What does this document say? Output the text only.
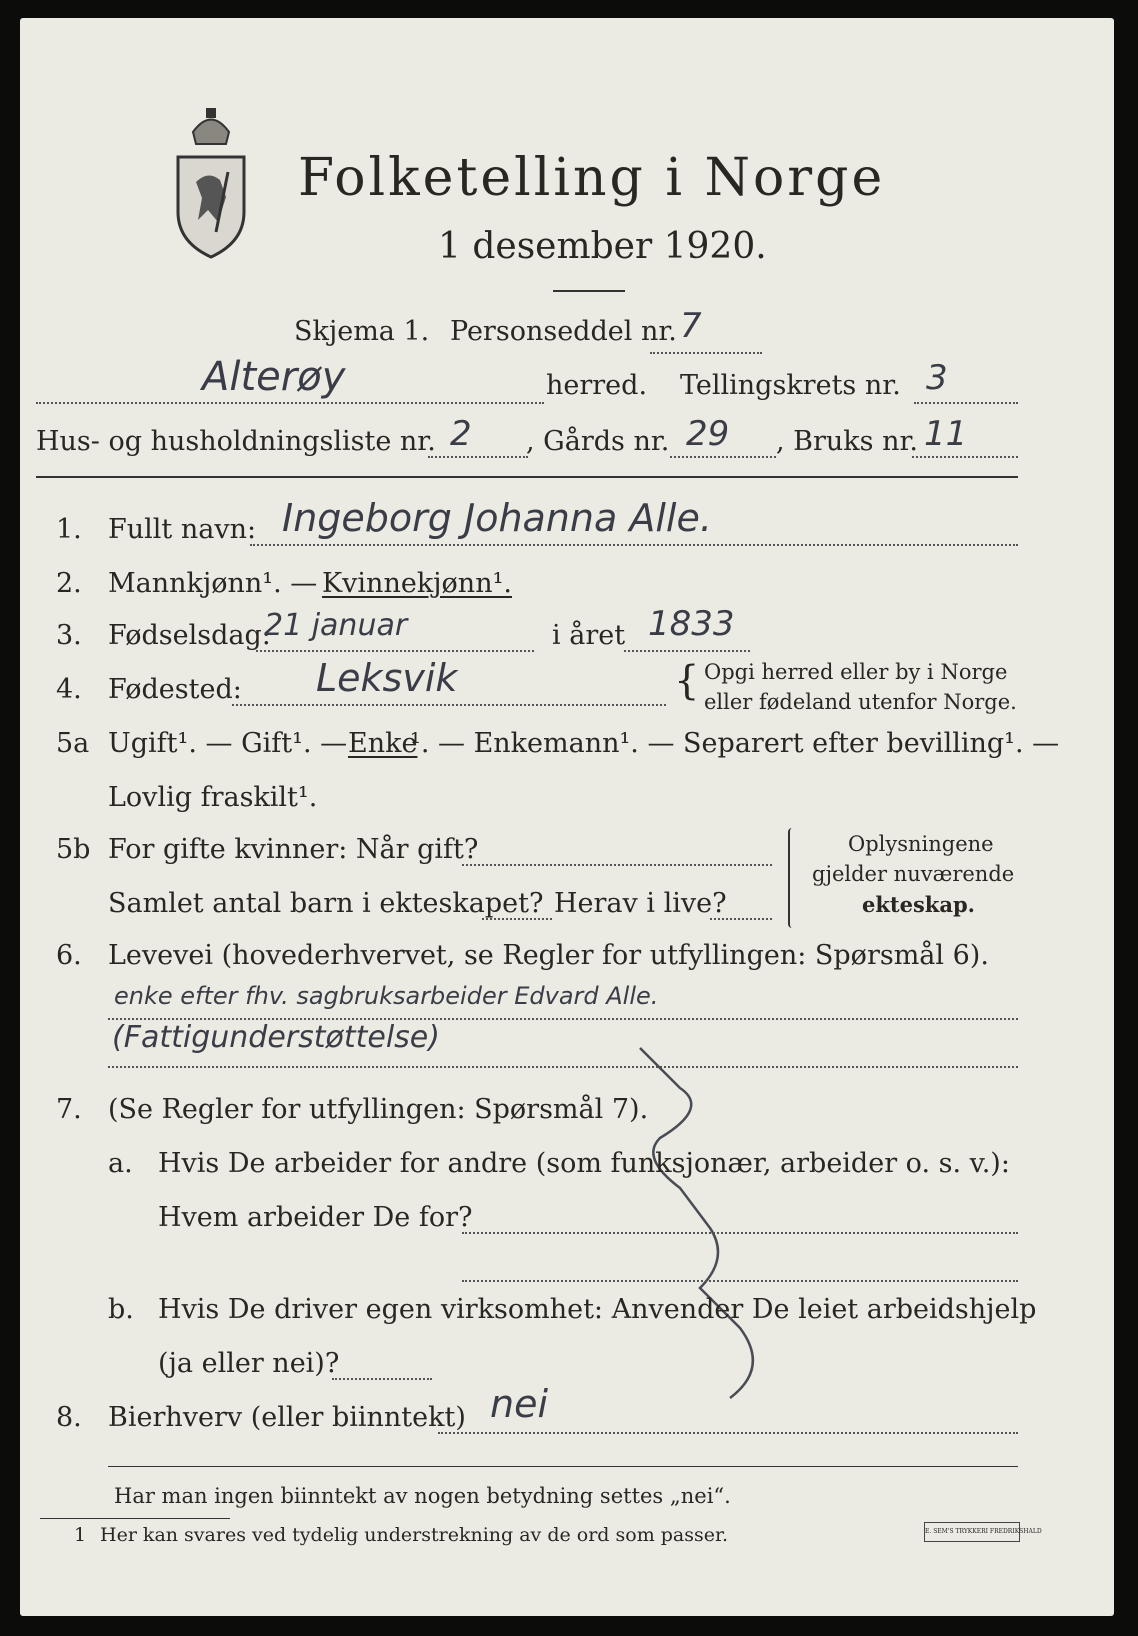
Folketelling i Norge
1 desember 1920.
Skjema 1. Personseddel nr. 7
Alterøy	herred. Tellingskrets nr. 3
Hus- og husholdningsliste nr. 2 , Gårds nr. 29 , Bruks nr. 11
1. Fullt navn: Ingeborg Johanna Alle.
2. Mannkjønn¹. — Kvinnekjønn¹.
3. Fødselsdag:
21 januar	i året 1833
4. Fødested: Leksvik	{ Opgi herred eller by i Norge
eller fødeland utenfor Norge.
5a Ugift¹. — Gift¹. — Enke
¹. — Enkemann¹. — Separert efter bevilling¹. —
Lovlig fraskilt¹.
5b For gifte kvinner: Når gift?
Samlet antal barn i ekteskapet? Herav i live?
Oplysningene
gjelder nuværende
ekteskap.
6. Levevei (hovederhvervet, se Regler for utfyllingen: Spørsmål 6).
enke efter fhv. sagbruksarbeider Edvard Alle.
(Fattigunderstøttelse)
7. (Se Regler for utfyllingen: Spørsmål 7).
a. Hvis De arbeider for andre (som funksjonær, arbeider o. s. v.):
Hvem arbeider De for?
b. Hvis De driver egen virksomhet: Anvender De leiet arbeidshjelp
(ja eller nei)?
8. Bierhverv (eller biinntekt) nei
Har man ingen biinntekt av nogen betydning settes „nei“.
1 Her kan svares ved tydelig understrekning av de ord som passer.	E. SEM'S TRYKKERI FREDRIKSHALD
